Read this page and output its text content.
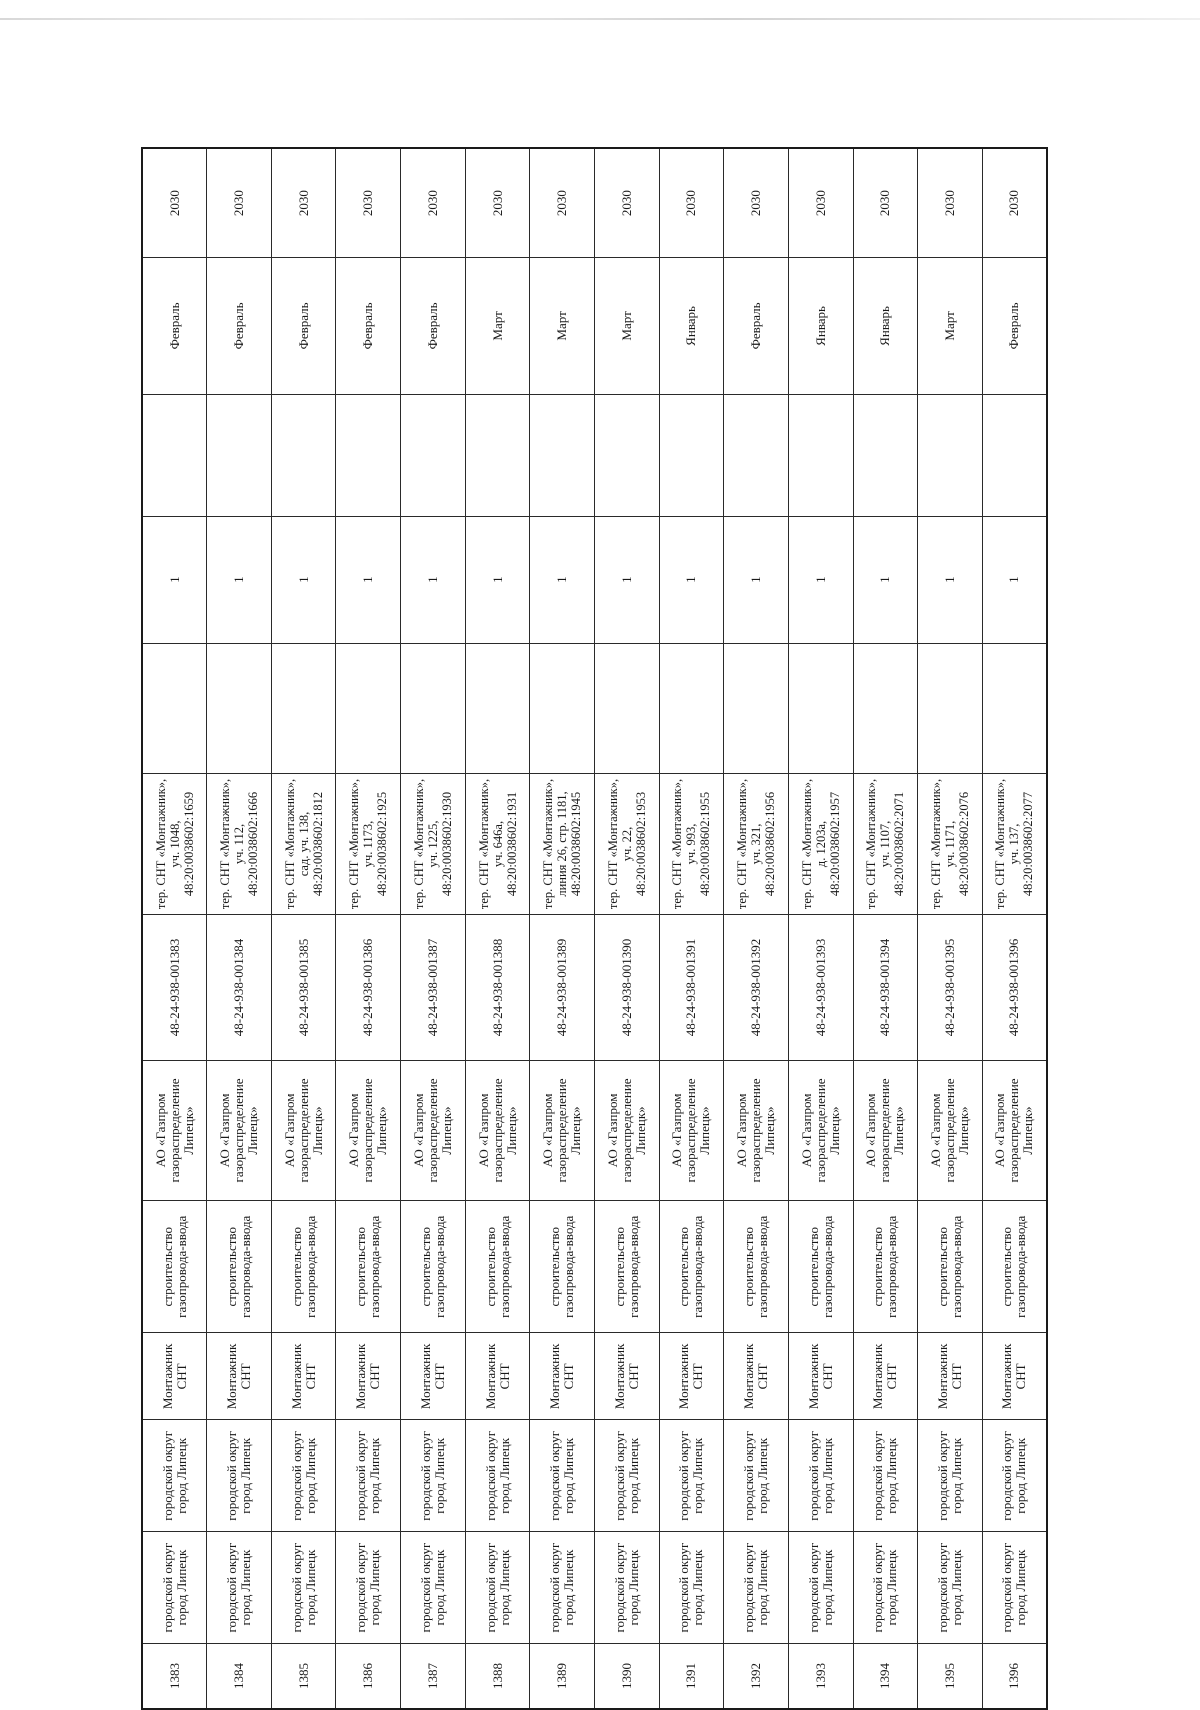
1383	городской округ город Липецк	городской округ город Липецк	Монтажник СНТ	строительство газопровода-ввода	АО «Газпром газораспределение Липецк»	48-24-938-001383	тер. СНТ «Монтажник», уч. 1048, 48:20:0038602:1659		1		Февраль	2030
1384	городской округ город Липецк	городской округ город Липецк	Монтажник СНТ	строительство газопровода-ввода	АО «Газпром газораспределение Липецк»	48-24-938-001384	тер. СНТ «Монтажник», уч. 112, 48:20:0038602:1666		1		Февраль	2030
1385	городской округ город Липецк	городской округ город Липецк	Монтажник СНТ	строительство газопровода-ввода	АО «Газпром газораспределение Липецк»	48-24-938-001385	тер. СНТ «Монтажник», сад. уч. 138, 48:20:0038602:1812		1		Февраль	2030
1386	городской округ город Липецк	городской округ город Липецк	Монтажник СНТ	строительство газопровода-ввода	АО «Газпром газораспределение Липецк»	48-24-938-001386	тер. СНТ «Монтажник», уч. 1173, 48:20:0038602:1925		1		Февраль	2030
1387	городской округ город Липецк	городской округ город Липецк	Монтажник СНТ	строительство газопровода-ввода	АО «Газпром газораспределение Липецк»	48-24-938-001387	тер. СНТ «Монтажник», уч. 1225, 48:20:0038602:1930		1		Февраль	2030
1388	городской округ город Липецк	городской округ город Липецк	Монтажник СНТ	строительство газопровода-ввода	АО «Газпром газораспределение Липецк»	48-24-938-001388	тер. СНТ «Монтажник», уч. 646а, 48:20:0038602:1931		1		Март	2030
1389	городской округ город Липецк	городской округ город Липецк	Монтажник СНТ	строительство газопровода-ввода	АО «Газпром газораспределение Липецк»	48-24-938-001389	тер. СНТ «Монтажник», линия 26, стр. 1181, 48:20:0038602:1945		1		Март	2030
1390	городской округ город Липецк	городской округ город Липецк	Монтажник СНТ	строительство газопровода-ввода	АО «Газпром газораспределение Липецк»	48-24-938-001390	тер. СНТ «Монтажник», уч. 22, 48:20:0038602:1953		1		Март	2030
1391	городской округ город Липецк	городской округ город Липецк	Монтажник СНТ	строительство газопровода-ввода	АО «Газпром газораспределение Липецк»	48-24-938-001391	тер. СНТ «Монтажник», уч. 993, 48:20:0038602:1955		1		Январь	2030
1392	городской округ город Липецк	городской округ город Липецк	Монтажник СНТ	строительство газопровода-ввода	АО «Газпром газораспределение Липецк»	48-24-938-001392	тер. СНТ «Монтажник», уч. 321, 48:20:0038602:1956		1		Февраль	2030
1393	городской округ город Липецк	городской округ город Липецк	Монтажник СНТ	строительство газопровода-ввода	АО «Газпром газораспределение Липецк»	48-24-938-001393	тер. СНТ «Монтажник», д. 1203а, 48:20:0038602:1957		1		Январь	2030
1394	городской округ город Липецк	городской округ город Липецк	Монтажник СНТ	строительство газопровода-ввода	АО «Газпром газораспределение Липецк»	48-24-938-001394	тер. СНТ «Монтажник», уч. 1107, 48:20:0038602:2071		1		Январь	2030
1395	городской округ город Липецк	городской округ город Липецк	Монтажник СНТ	строительство газопровода-ввода	АО «Газпром газораспределение Липецк»	48-24-938-001395	тер. СНТ «Монтажник», уч. 1171, 48:20:0038602:2076		1		Март	2030
1396	городской округ город Липецк	городской округ город Липецк	Монтажник СНТ	строительство газопровода-ввода	АО «Газпром газораспределение Липецк»	48-24-938-001396	тер. СНТ «Монтажник», уч. 137, 48:20:0038602:2077		1		Февраль	2030
